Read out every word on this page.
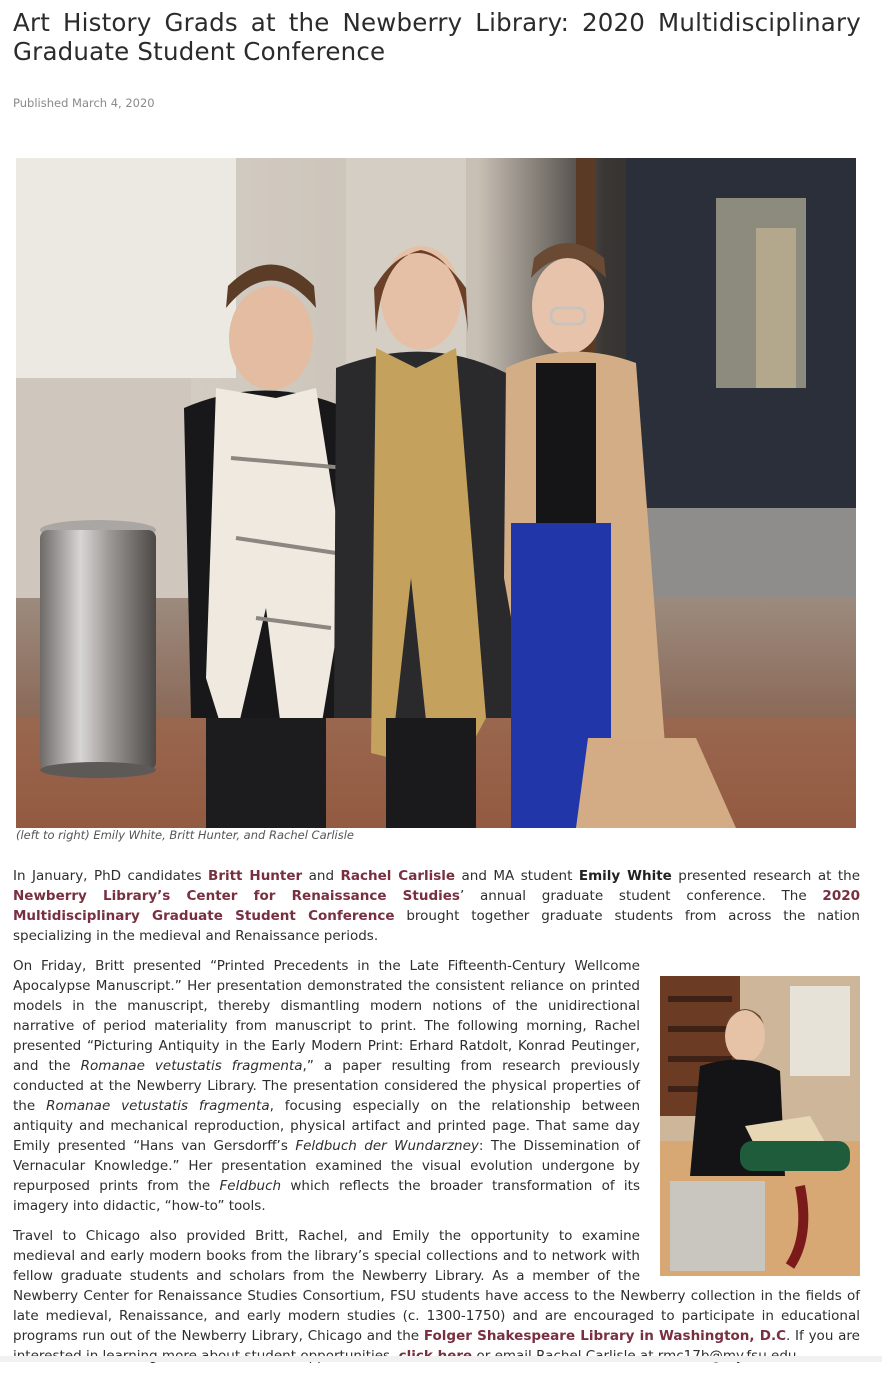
Art History Grads at the Newberry Library: 2020 Multidisciplinary Graduate Student Conference
Published March 4, 2020
(left to right) Emily White, Britt Hunter, and Rachel Carlisle

In January, PhD candidates Britt Hunter and Rachel Carlisle and MA student Emily White presented research at the Newberry Library’s Center for Renaissance Studies’ annual graduate student conference. The 2020 Multidisciplinary Graduate Student Conference brought together graduate students from across the nation specializing in the medieval and Renaissance periods.

On Friday, Britt presented “Printed Precedents in the Late Fifteenth-Century Wellcome Apocalypse Manuscript.” Her presentation demonstrated the consistent reliance on printed models in the manuscript, thereby dismantling modern notions of the unidirectional narrative of period materiality from manuscript to print. The following morning, Rachel presented “Picturing Antiquity in the Early Modern Print: Erhard Ratdolt, Konrad Peutinger, and the Romanae vetustatis fragmenta,” a paper resulting from research previously conducted at the Newberry Library. The presentation considered the physical properties of the Romanae vetustatis fragmenta, focusing especially on the relationship between antiquity and mechanical reproduction, physical artifact and printed page. That same day Emily presented “Hans van Gersdorff’s Feldbuch der Wundarzney: The Dissemination of Vernacular Knowledge.” Her presentation examined the visual evolution undergone by repurposed prints from the Feldbuch which reflects the broader transformation of its imagery into didactic, “how-to” tools.

Travel to Chicago also provided Britt, Rachel, and Emily the opportunity to examine medieval and early modern books from the library’s special collections and to network with fellow graduate students and scholars from the Newberry Library. As a member of the Newberry Center for Renaissance Studies Consortium, FSU students have access to the Newberry collection in the fields of late medieval, Renaissance, and early modern studies (c. 1300-1750) and are encouraged to participate in educational programs run out of the Newberry Library, Chicago and the Folger Shakespeare Library in Washington, D.C. If you are
